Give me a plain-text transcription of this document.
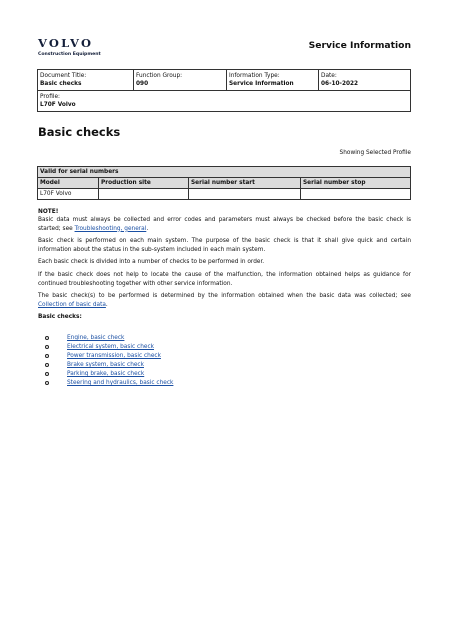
VOLVO
Construction Equipment
Service Information
Document Title:
Basic checks
Function Group:
090
Information Type:
Service Information
Date:
06-10-2022
Profile:
L70F Volvo
Basic checks
Showing Selected Profile
Valid for serial numbers			
Model	Production site	Serial number start	Serial number stop
L70F Volvo			
NOTE!

Basic data must always be collected and error codes and parameters must always be checked before the basic check is started; see Troubleshooting, general.

Basic check is performed on each main system. The purpose of the basic check is that it shall give quick and certain information about the status in the sub-system included in each main system.

Each basic check is divided into a number of checks to be performed in order.

If the basic check does not help to locate the cause of the malfunction, the information obtained helps as guidance for continued troubleshooting together with other service information.

The basic check(s) to be performed is determined by the information obtained when the basic data was collected; see Collection of basic data.

Basic checks:
Engine, basic check
Electrical system, basic check
Power transmission, basic check
Brake system, basic check
Parking brake, basic check
Steering and hydraulics, basic check
